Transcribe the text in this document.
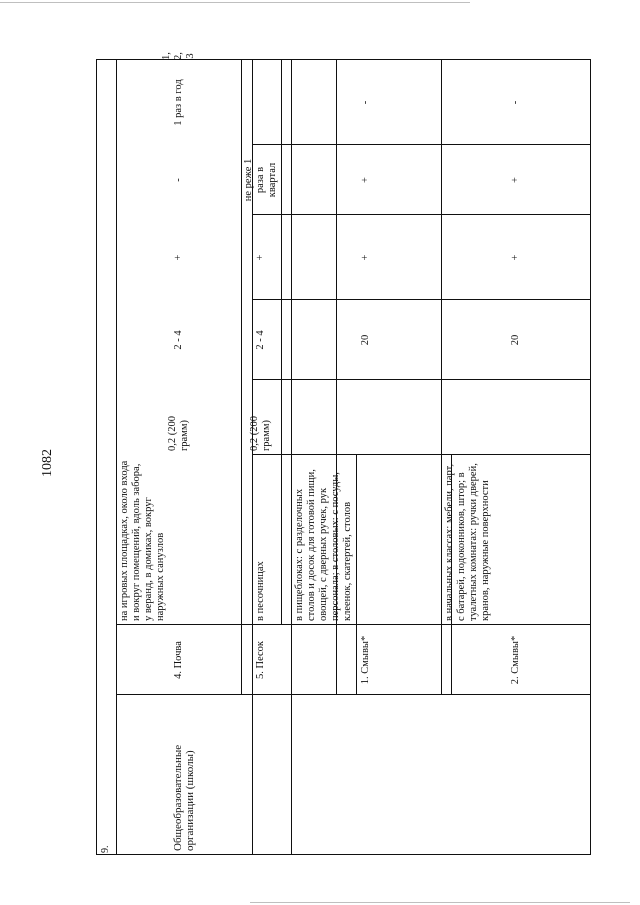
1082
9.	Общеобразовательные организации (школы)
4. Почва
на игровых площадках, около входа и вокруг помещений, вдоль забора, у веранд, в домиках, вокруг наружных санузлов
0,2 (200 грамм)
2 - 4
+
-
1 раз в год
1, 2, 3
5. Песок
в песочницах
0,2 (200 грамм)
2 - 4
+
не реже 1 раза в квартал
1. Смывы*
в пищеблоках: с разделочных столов и досок для готовой пищи, овощей, с дверных ручек, рук персонала; в столовых: с посуды, клеенок, скатертей, столов
20
+
+
-
2. Смывы*
в начальных классах: мебели, парт, с батарей, подоконников, штор; в туалетных комнатах: ручки дверей, кранов, наружные поверхности
20
+
+
-
